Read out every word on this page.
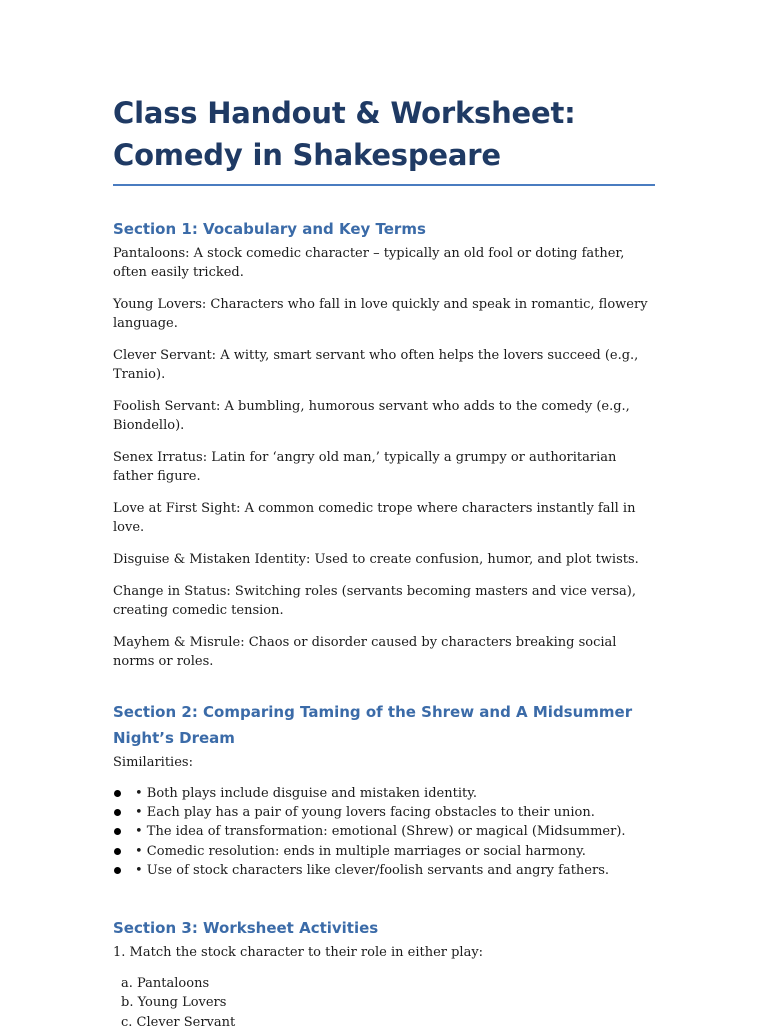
Class Handout & Worksheet: Comedy in Shakespeare
Section 1: Vocabulary and Key Terms

Pantaloons: A stock comedic character – typically an old fool or doting father, often easily tricked.

Young Lovers: Characters who fall in love quickly and speak in romantic, flowery language.

Clever Servant: A witty, smart servant who often helps the lovers succeed (e.g., Tranio).

Foolish Servant: A bumbling, humorous servant who adds to the comedy (e.g., Biondello).

Senex Irratus: Latin for ‘angry old man,’ typically a grumpy or authoritarian father figure.

Love at First Sight: A common comedic trope where characters instantly fall in love.

Disguise & Mistaken Identity: Used to create confusion, humor, and plot twists.

Change in Status: Switching roles (servants becoming masters and vice versa), creating comedic tension.

Mayhem & Misrule: Chaos or disorder caused by characters breaking social norms or roles.

Section 2: Comparing Taming of the Shrew and A Midsummer Night’s Dream

Similarities:

• Both plays include disguise and mistaken identity.
• Each play has a pair of young lovers facing obstacles to their union.
• The idea of transformation: emotional (Shrew) or magical (Midsummer).
• Comedic resolution: ends in multiple marriages or social harmony.
• Use of stock characters like clever/foolish servants and angry fathers.
Section 3: Worksheet Activities

1. Match the stock character to their role in either play:

a. Pantaloons
b. Young Lovers
c. Clever Servant
